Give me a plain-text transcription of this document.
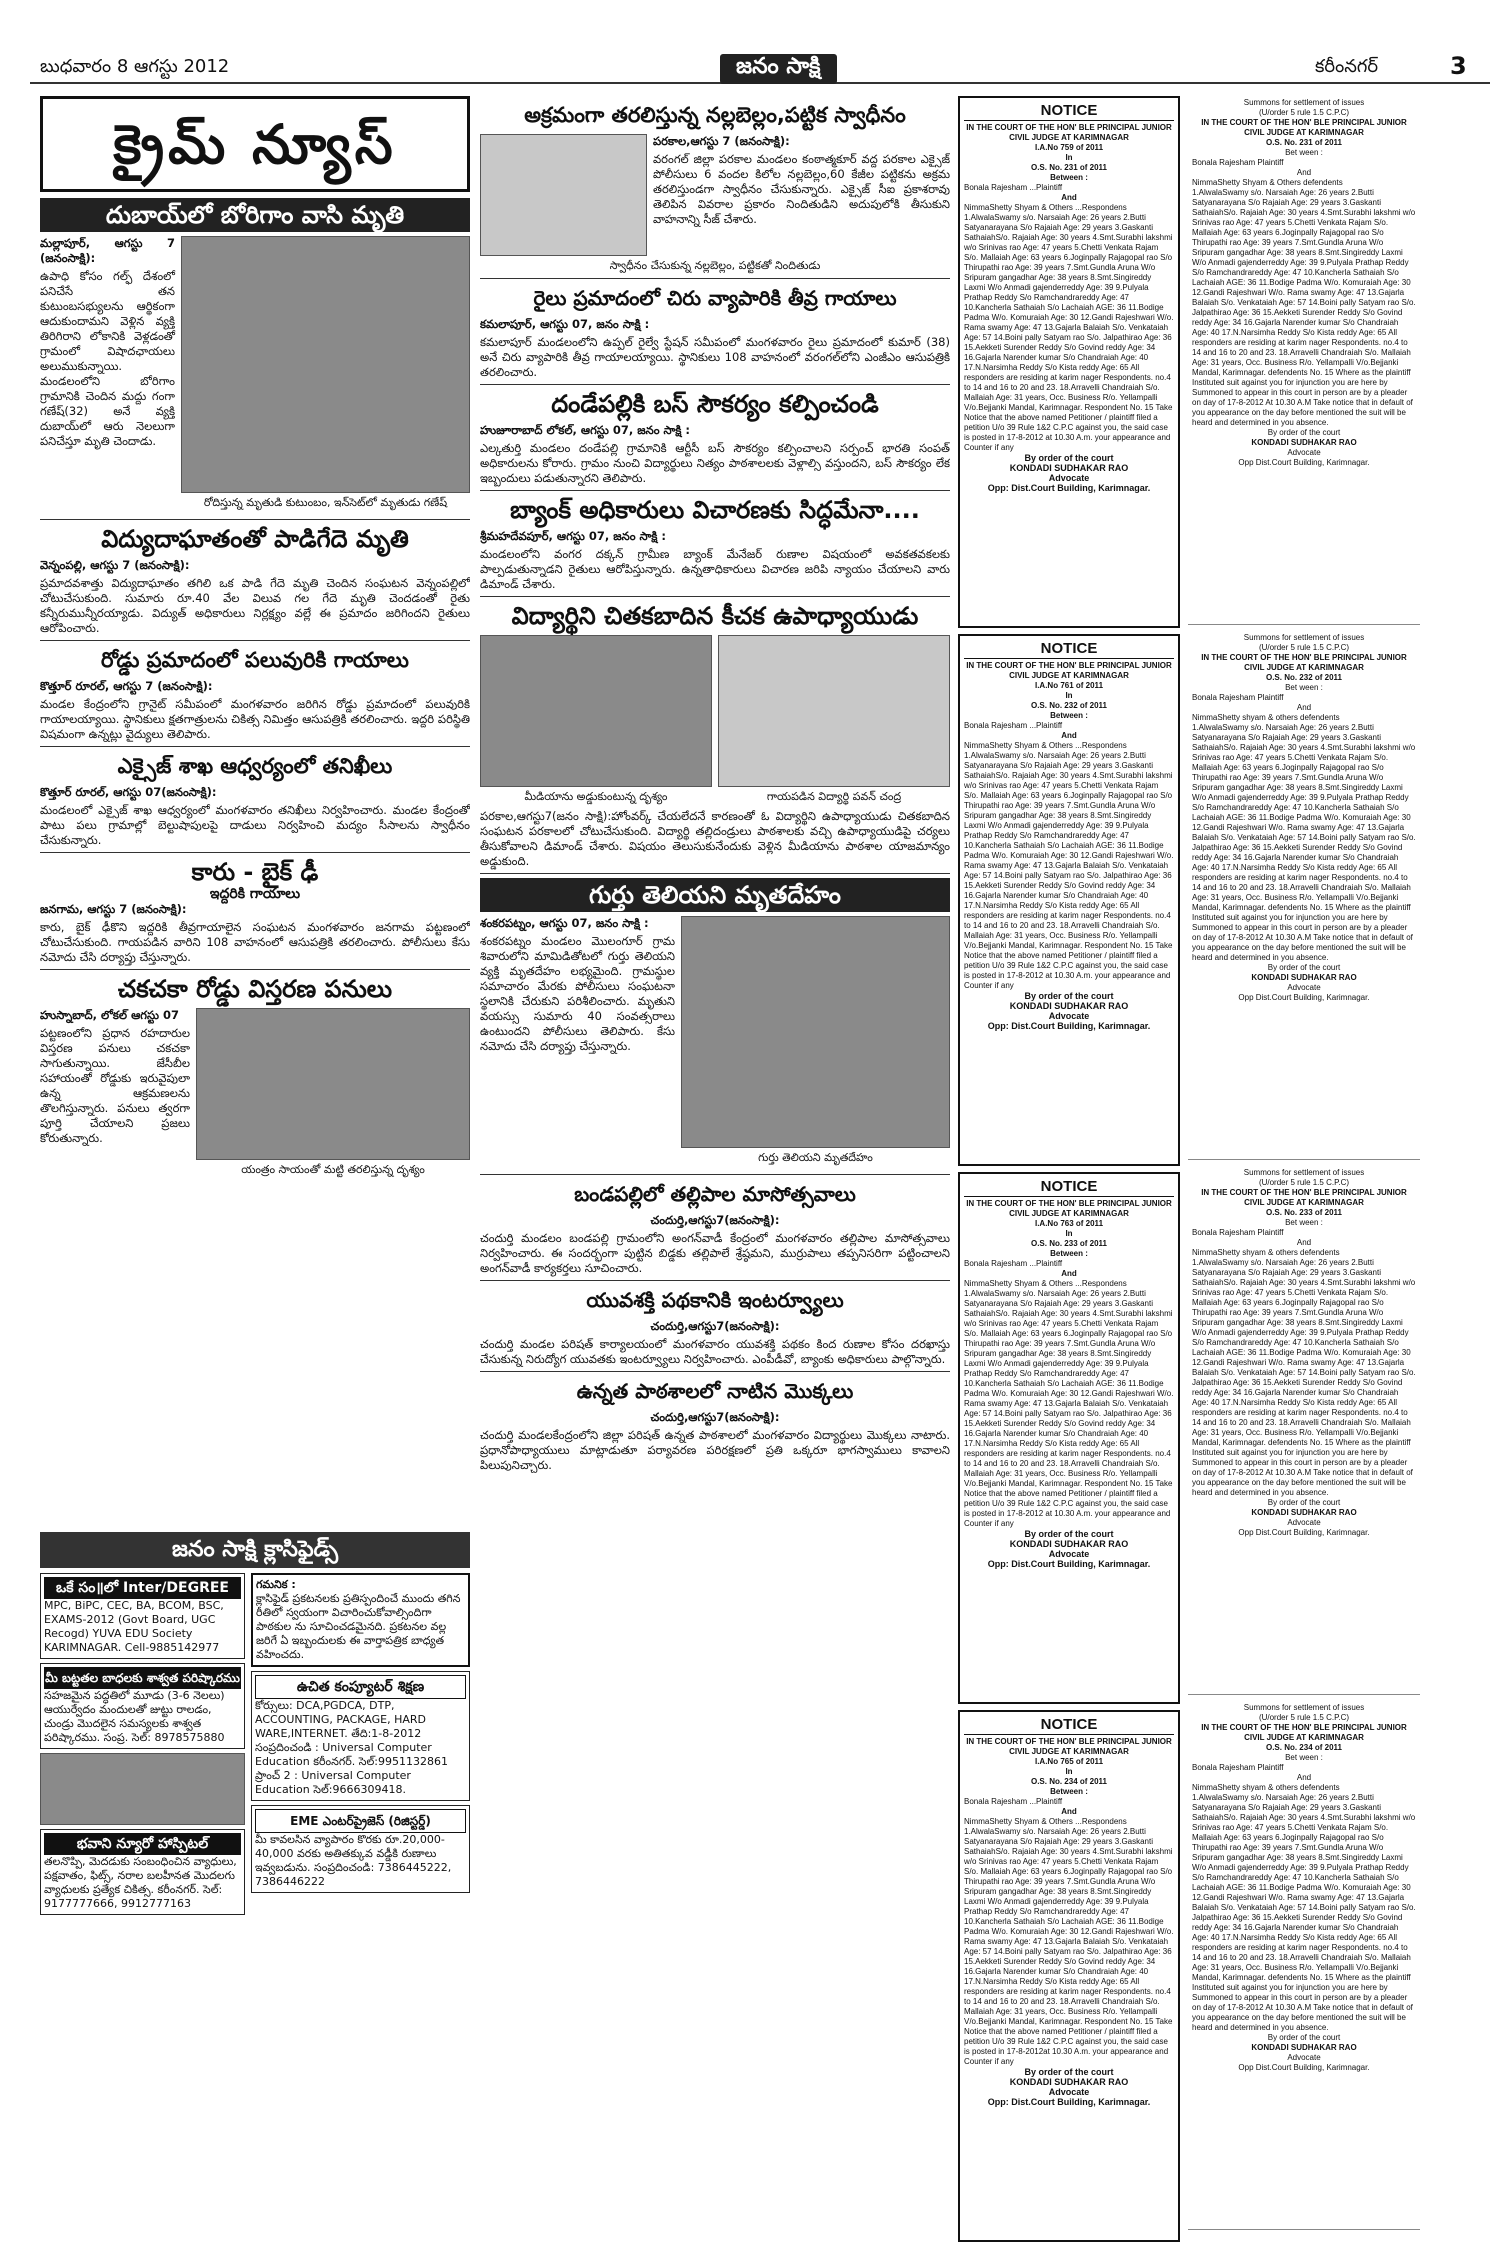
బుధవారం 8 ఆగస్టు 2012	జనం సాక్షి	కరీంనగర్	3
క్రైమ్ న్యూస్
దుబాయ్‌లో బోరిగాం వాసి మృతి

మల్లాపూర్, ఆగస్టు 7 (జనంసాక్షి):

ఉపాధి కోసం గల్ఫ్ దేశంలో పనిచేసే తన కుటుంబసభ్యులను ఆర్థికంగా ఆదుకుందామని వెళ్లిన వ్యక్తి తిరిగిరాని లోకానికి వెళ్లడంతో గ్రామంలో విషాదఛాయలు అలుముకున్నాయి. మండలంలోని బోరిగాం గ్రామానికి చెందిన మద్దు గంగా గణేష్(32) అనే వ్యక్తి దుబాయ్‌లో ఆరు నెలలుగా పనిచేస్తూ మృతి చెందాడు.

రోదిస్తున్న మృతుడి కుటుంబం, ఇన్‌సెట్‌లో మృతుడు గణేష్
విద్యుదాఘాతంతో పాడిగేదె మృతి

వెన్నంపల్లి, ఆగస్టు 7 (జనంసాక్షి):

ప్రమాదవశాత్తు విద్యుదాఘాతం తగిలి ఒక పాడి గేదె మృతి చెందిన సంఘటన వెన్నంపల్లిలో చోటుచేసుకుంది. సుమారు రూ.40 వేల విలువ గల గేదె మృతి చెందడంతో రైతు కన్నీరుమున్నీరయ్యాడు. విద్యుత్ అధికారులు నిర్లక్ష్యం వల్లే ఈ ప్రమాదం జరిగిందని రైతులు ఆరోపించారు.

రోడ్డు ప్రమాదంలో పలువురికి గాయాలు

కొత్తూర్ రూరల్, ఆగస్టు 7 (జనంసాక్షి):

మండల కేంద్రంలోని గ్రానైట్ సమీపంలో మంగళవారం జరిగిన రోడ్డు ప్రమాదంలో పలువురికి గాయాలయ్యాయి. స్థానికులు క్షతగాత్రులను చికిత్స నిమిత్తం ఆసుపత్రికి తరలించారు. ఇద్దరి పరిస్థితి విషమంగా ఉన్నట్లు వైద్యులు తెలిపారు.

ఎక్సైజ్ శాఖ ఆధ్వర్యంలో తనిఖీలు

కొత్తూర్ రూరల్, ఆగస్టు 07(జనంసాక్షి):

మండలంలో ఎక్సైజ్ శాఖ ఆధ్వర్యంలో మంగళవారం తనిఖీలు నిర్వహించారు. మండల కేంద్రంతో పాటు పలు గ్రామాల్లో బెల్టుషాపులపై దాడులు నిర్వహించి మద్యం సీసాలను స్వాధీనం చేసుకున్నారు.

కారు - బైక్ ఢీ
ఇద్దరికి గాయాలు

జనగామ, ఆగస్టు 7 (జనంసాక్షి):

కారు, బైక్ ఢీకొని ఇద్దరికి తీవ్రగాయాలైన సంఘటన మంగళవారం జనగామ పట్టణంలో చోటుచేసుకుంది. గాయపడిన వారిని 108 వాహనంలో ఆసుపత్రికి తరలించారు. పోలీసులు కేసు నమోదు చేసి దర్యాప్తు చేస్తున్నారు.

చకచకా రోడ్డు విస్తరణ పనులు

హుస్నాబాద్, లోకల్ ఆగస్టు 07

పట్టణంలోని ప్రధాన రహదారుల విస్తరణ పనులు చకచకా సాగుతున్నాయి. జేసీబీల సహాయంతో రోడ్డుకు ఇరువైపులా ఉన్న ఆక్రమణలను తొలగిస్తున్నారు. పనులు త్వరగా పూర్తి చేయాలని ప్రజలు కోరుతున్నారు.

యంత్రం సాయంతో మట్టి తరలిస్తున్న దృశ్యం
జనం సాక్షి క్లాసిఫైడ్స్
ఒకే సం॥లో Inter/DEGREE
MPC, BiPC, CEC, BA, BCOM, BSC, EXAMS-2012 (Govt Board, UGC Recogd) YUVA EDU Society KARIMNAGAR. Cell-9885142977
మీ బట్టతల బాధలకు శాశ్వత పరిష్కారము
సహజమైన పద్ధతిలో మూడు (3-6 నెలలు) ఆయుర్వేదం మందులతో జుట్టు రాలడం, చుండ్రు మొదలైన సమస్యలకు శాశ్వత పరిష్కారము. సంప్ర. సెల్: 8978575880
భవాని న్యూరో హాస్పిటల్
తలనొప్పి, మెదడుకు సంబంధించిన వ్యాధులు, పక్షవాతం, ఫిట్స్, నరాల బలహీనత మొదలగు వ్యాధులకు ప్రత్యేక చికిత్స. కరీంనగర్. సెల్: 9177777666, 9912777163
గమనిక :
క్లాసిఫైడ్ ప్రకటనలకు ప్రతిస్పందించే ముందు తగిన రీతిలో స్వయంగా విచారించుకోవాల్సిందిగా పాఠకుల ను సూచించడమైనది. ప్రకటనల వల్ల జరిగే ఏ ఇబ్బందులకు ఈ వార్తాపత్రిక బాధ్యత వహించదు.
ఉచిత కంప్యూటర్ శిక్షణ
కోర్సులు: DCA,PGDCA, DTP, ACCOUNTING, PACKAGE, HARD WARE,INTERNET. తేది:1-8-2012 సంప్రదించండి : Universal Computer Education కరీంనగర్. సెల్:9951132861 ప్రాంచ్ 2 : Universal Computer Education సెల్:9666309418.
EME ఎంటర్‌ప్రైజెస్ (రిజిస్టర్డ్)
మీ కావలసిన వ్యాపారం కొరకు రూ.20,000-40,000 వరకు అతితక్కువ వడ్డీకి రుణాలు ఇవ్వబడును. సంప్రదించండి: 7386445222, 7386446222
అక్రమంగా తరలిస్తున్న నల్లబెల్లం,పట్టిక స్వాధీనం

పరకాల,ఆగస్టు 7 (జనంసాక్షి):

వరంగల్ జిల్లా పరకాల మండలం కంఠాత్మకూర్ వద్ద పరకాల ఎక్సైజ్ పోలీసులు 6 వందల కిలోల నల్లబెల్లం,60 కేజీల పట్టికను అక్రమ తరలిస్తుండగా స్వాధీనం చేసుకున్నారు. ఎక్సైజ్ సీఐ ప్రకాశరావు తెలిపిన వివరాల ప్రకారం నిందితుడిని అదుపులోకి తీసుకుని వాహనాన్ని సీజ్ చేశారు.

స్వాధీనం చేసుకున్న నల్లబెల్లం, పట్టికతో నిందితుడు
రైలు ప్రమాదంలో చిరు వ్యాపారికి తీవ్ర గాయాలు

కమలాపూర్, ఆగస్టు 07, జనం సాక్షి :

కమలాపూర్ మండలంలోని ఉప్పల్ రైల్వే స్టేషన్ సమీపంలో మంగళవారం రైలు ప్రమాదంలో కుమార్ (38) అనే చిరు వ్యాపారికి తీవ్ర గాయాలయ్యాయి. స్థానికులు 108 వాహనంలో వరంగల్‌లోని ఎంజీఎం ఆసుపత్రికి తరలించారు.

దండేపల్లికి బస్ సౌకర్యం కల్పించండి

హుజూరాబాద్ లోకల్, ఆగస్టు 07, జనం సాక్షి :

ఎల్కతుర్తి మండలం దండేపల్లి గ్రామానికి ఆర్టీసీ బస్ సౌకర్యం కల్పించాలని సర్పంచ్ భారతి సంపత్ అధికారులను కోరారు. గ్రామం నుంచి విద్యార్థులు నిత్యం పాఠశాలలకు వెళ్లాల్సి వస్తుందని, బస్ సౌకర్యం లేక ఇబ్బందులు పడుతున్నారని తెలిపారు.

బ్యాంక్ అధికారులు విచారణకు సిద్ధమేనా....

శ్రీమహదేవపూర్, ఆగస్టు 07, జనం సాక్షి :

మండలంలోని వంగర దక్కన్ గ్రామీణ బ్యాంక్ మేనేజర్ రుణాల విషయంలో అవకతవకలకు పాల్పడుతున్నాడని రైతులు ఆరోపిస్తున్నారు. ఉన్నతాధికారులు విచారణ జరిపి న్యాయం చేయాలని వారు డిమాండ్ చేశారు.

విద్యార్థిని చితకబాదిన కీచక ఉపాధ్యాయుడు
మీడియాను అడ్డుకుంటున్న దృశ్యం	గాయపడిన విద్యార్థి పవన్ చంద్ర

పరకాల,ఆగస్టు7(జనం సాక్షి):హోంవర్క్ చేయలేదనే కారణంతో ఓ విద్యార్థిని ఉపాధ్యాయుడు చితకబాదిన సంఘటన పరకాలలో చోటుచేసుకుంది. విద్యార్థి తల్లిదండ్రులు పాఠశాలకు వచ్చి ఉపాధ్యాయుడిపై చర్యలు తీసుకోవాలని డిమాండ్ చేశారు. విషయం తెలుసుకునేందుకు వెళ్లిన మీడియాను పాఠశాల యాజమాన్యం అడ్డుకుంది.

గుర్తు తెలియని మృతదేహం

శంకరపట్నం, ఆగస్టు 07, జనం సాక్షి :

శంకరపట్నం మండలం మొలంగూర్ గ్రామ శివారులోని మామిడితోటలో గుర్తు తెలియని వ్యక్తి మృతదేహం లభ్యమైంది. గ్రామస్థుల సమాచారం మేరకు పోలీసులు సంఘటనా స్థలానికి చేరుకుని పరిశీలించారు. మృతుని వయస్సు సుమారు 40 సంవత్సరాలు ఉంటుందని పోలీసులు తెలిపారు. కేసు నమోదు చేసి దర్యాప్తు చేస్తున్నారు.

గుర్తు తెలియని మృతదేహం
బండపల్లిలో తల్లిపాల మాసోత్సవాలు

చందుర్తి,ఆగస్టు7(జనంసాక్షి):

చందుర్తి మండలం బండపల్లి గ్రామంలోని అంగన్‌వాడీ కేంద్రంలో మంగళవారం తల్లిపాల మాసోత్సవాలు నిర్వహించారు. ఈ సందర్భంగా పుట్టిన బిడ్డకు తల్లిపాలే శ్రేష్ఠమని, ముర్రుపాలు తప్పనిసరిగా పట్టించాలని అంగన్‌వాడీ కార్యకర్తలు సూచించారు.

యువశక్తి పథకానికి ఇంటర్వ్యూలు

చందుర్తి,ఆగస్టు7(జనంసాక్షి):

చందుర్తి మండల పరిషత్ కార్యాలయంలో మంగళవారం యువశక్తి పథకం కింద రుణాల కోసం దరఖాస్తు చేసుకున్న నిరుద్యోగ యువతకు ఇంటర్వ్యూలు నిర్వహించారు. ఎంపీడీవో, బ్యాంకు అధికారులు పాల్గొన్నారు.

ఉన్నత పాఠశాలలో నాటిన మొక్కలు

చందుర్తి,ఆగస్టు7(జనంసాక్షి):

చందుర్తి మండలకేంద్రంలోని జిల్లా పరిషత్ ఉన్నత పాఠశాలలో మంగళవారం విద్యార్థులు మొక్కలు నాటారు. ప్రధానోపాధ్యాయులు మాట్లాడుతూ పర్యావరణ పరిరక్షణలో ప్రతి ఒక్కరూ భాగస్వాములు కావాలని పిలుపునిచ్చారు.

NOTICE
IN THE COURT OF THE HON' BLE PRINCIPAL JUNIOR CIVIL JUDGE AT KARIMNAGAR
I.A.No 759 of 2011
In
O.S. No. 231 of 2011
Between :
Bonala Rajesham ...Plaintiff
And
NimmaShetty Shyam & Others ...Respondens
1.AlwalaSwamy s/o. Narsaiah Age: 26 years 2.Butti Satyanarayana S/o Rajaiah Age: 29 years 3.Gaskanti SathaiahS/o. Rajaiah Age: 30 years 4.Smt.Surabhi lakshmi w/o Srinivas rao Age: 47 years 5.Chetti Venkata Rajam S/o. Mallaiah Age: 63 years 6.Joginpally Rajagopal rao S/o Thirupathi rao Age: 39 years 7.Smt.Gundla Aruna W/o Sripuram gangadhar Age: 38 years 8.Smt.Singireddy Laxmi W/o Anmadi gajenderreddy Age: 39 9.Pulyala Prathap Reddy S/o Ramchandrareddy Age: 47 10.Kancherla Sathaiah S/o Lachaiah AGE: 36 11.Bodige Padma W/o. Komuraiah Age: 30 12.Gandi Rajeshwari W/o. Rama swamy Age: 47 13.Gajarla Balaiah S/o. Venkataiah Age: 57 14.Boini pally Satyam rao S/o. Jalpathirao Age: 36 15.Aekketi Surender Reddy S/o Govind reddy Age: 34 16.Gajarla Narender kumar S/o Chandraiah Age: 40 17.N.Narsimha Reddy S/o Kista reddy Age: 65 All responders are residing at karim nager Respondents. no.4 to 14 and 16 to 20 and 23. 18.Arravelli Chandraiah S/o. Mallaiah Age: 31 years, Occ. Business R/o. Yellampalli V/o.Bejjanki Mandal, Karimnagar. Respondent No. 15 Take Notice that the above named Petitioner / plaintiff filed a petition U/o 39 Rule 1&2 C.P.C against you, the said case is posted in 17-8-2012 at 10.30 A.m. your appearance and Counter if any
By order of the court
KONDADI SUDHAKAR RAO
Advocate
Opp: Dist.Court Building, Karimnagar.
NOTICE
IN THE COURT OF THE HON' BLE PRINCIPAL JUNIOR CIVIL JUDGE AT KARIMNAGAR
I.A.No 761 of 2011
In
O.S. No. 232 of 2011
Between :
Bonala Rajesham ...Plaintiff
And
NimmaShetty Shyam & Others ...Respondens
1.AlwalaSwamy s/o. Narsaiah Age: 26 years 2.Butti Satyanarayana S/o Rajaiah Age: 29 years 3.Gaskanti SathaiahS/o. Rajaiah Age: 30 years 4.Smt.Surabhi lakshmi w/o Srinivas rao Age: 47 years 5.Chetti Venkata Rajam S/o. Mallaiah Age: 63 years 6.Joginpally Rajagopal rao S/o Thirupathi rao Age: 39 years 7.Smt.Gundla Aruna W/o Sripuram gangadhar Age: 38 years 8.Smt.Singireddy Laxmi W/o Anmadi gajenderreddy Age: 39 9.Pulyala Prathap Reddy S/o Ramchandrareddy Age: 47 10.Kancherla Sathaiah S/o Lachaiah AGE: 36 11.Bodige Padma W/o. Komuraiah Age: 30 12.Gandi Rajeshwari W/o. Rama swamy Age: 47 13.Gajarla Balaiah S/o. Venkataiah Age: 57 14.Boini pally Satyam rao S/o. Jalpathirao Age: 36 15.Aekketi Surender Reddy S/o Govind reddy Age: 34 16.Gajarla Narender kumar S/o Chandraiah Age: 40 17.N.Narsimha Reddy S/o Kista reddy Age: 65 All responders are residing at karim nager Respondents. no.4 to 14 and 16 to 20 and 23. 18.Arravelli Chandraiah S/o. Mallaiah Age: 31 years, Occ. Business R/o. Yellampalli V/o.Bejjanki Mandal, Karimnagar. Respondent No. 15 Take Notice that the above named Petitioner / plaintiff filed a petition U/o 39 Rule 1&2 C.P.C against you, the said case is posted in 17-8-2012 at 10.30 A.m. your appearance and Counter if any
By order of the court
KONDADI SUDHAKAR RAO
Advocate
Opp: Dist.Court Building, Karimnagar.
NOTICE
IN THE COURT OF THE HON' BLE PRINCIPAL JUNIOR CIVIL JUDGE AT KARIMNAGAR
I.A.No 763 of 2011
In
O.S. No. 233 of 2011
Between :
Bonala Rajesham ...Plaintiff
And
NimmaShetty Shyam & Others ...Respondens
1.AlwalaSwamy s/o. Narsaiah Age: 26 years 2.Butti Satyanarayana S/o Rajaiah Age: 29 years 3.Gaskanti SathaiahS/o. Rajaiah Age: 30 years 4.Smt.Surabhi lakshmi w/o Srinivas rao Age: 47 years 5.Chetti Venkata Rajam S/o. Mallaiah Age: 63 years 6.Joginpally Rajagopal rao S/o Thirupathi rao Age: 39 years 7.Smt.Gundla Aruna W/o Sripuram gangadhar Age: 38 years 8.Smt.Singireddy Laxmi W/o Anmadi gajenderreddy Age: 39 9.Pulyala Prathap Reddy S/o Ramchandrareddy Age: 47 10.Kancherla Sathaiah S/o Lachaiah AGE: 36 11.Bodige Padma W/o. Komuraiah Age: 30 12.Gandi Rajeshwari W/o. Rama swamy Age: 47 13.Gajarla Balaiah S/o. Venkataiah Age: 57 14.Boini pally Satyam rao S/o. Jalpathirao Age: 36 15.Aekketi Surender Reddy S/o Govind reddy Age: 34 16.Gajarla Narender kumar S/o Chandraiah Age: 40 17.N.Narsimha Reddy S/o Kista reddy Age: 65 All responders are residing at karim nager Respondents. no.4 to 14 and 16 to 20 and 23. 18.Arravelli Chandraiah S/o. Mallaiah Age: 31 years, Occ. Business R/o. Yellampalli V/o.Bejjanki Mandal, Karimnagar. Respondent No. 15 Take Notice that the above named Petitioner / plaintiff filed a petition U/o 39 Rule 1&2 C.P.C against you, the said case is posted in 17-8-2012 at 10.30 A.m. your appearance and Counter if any
By order of the court
KONDADI SUDHAKAR RAO
Advocate
Opp: Dist.Court Building, Karimnagar.
NOTICE
IN THE COURT OF THE HON' BLE PRINCIPAL JUNIOR CIVIL JUDGE AT KARIMNAGAR
I.A.No 765 of 2011
In
O.S. No. 234 of 2011
Between :
Bonala Rajesham ...Plaintiff
And
NimmaShetty Shyam & Others ...Respondens
1.AlwalaSwamy s/o. Narsaiah Age: 26 years 2.Butti Satyanarayana S/o Rajaiah Age: 29 years 3.Gaskanti SathaiahS/o. Rajaiah Age: 30 years 4.Smt.Surabhi lakshmi w/o Srinivas rao Age: 47 years 5.Chetti Venkata Rajam S/o. Mallaiah Age: 63 years 6.Joginpally Rajagopal rao S/o Thirupathi rao Age: 39 years 7.Smt.Gundla Aruna W/o Sripuram gangadhar Age: 38 years 8.Smt.Singireddy Laxmi W/o Anmadi gajenderreddy Age: 39 9.Pulyala Prathap Reddy S/o Ramchandrareddy Age: 47 10.Kancherla Sathaiah S/o Lachaiah AGE: 36 11.Bodige Padma W/o. Komuraiah Age: 30 12.Gandi Rajeshwari W/o. Rama swamy Age: 47 13.Gajarla Balaiah S/o. Venkataiah Age: 57 14.Boini pally Satyam rao S/o. Jalpathirao Age: 36 15.Aekketi Surender Reddy S/o Govind reddy Age: 34 16.Gajarla Narender kumar S/o Chandraiah Age: 40 17.N.Narsimha Reddy S/o Kista reddy Age: 65 All responders are residing at karim nager Respondents. no.4 to 14 and 16 to 20 and 23. 18.Arravelli Chandraiah S/o. Mallaiah Age: 31 years, Occ. Business R/o. Yellampalli V/o.Bejjanki Mandal, Karimnagar. Respondent No. 15 Take Notice that the above named Petitioner / plaintiff filed a petition U/o 39 Rule 1&2 C.P.C against you, the said case is posted in 17-8-2012at 10.30 A.m. your appearance and Counter if any
By order of the court
KONDADI SUDHAKAR RAO
Advocate
Opp: Dist.Court Building, Karimnagar.
Summons for settlement of issues
(U/order 5 rule 1.5 C.P.C)
IN THE COURT OF THE HON' BLE PRINCIPAL JUNIOR CIVIL JUDGE AT KARIMNAGAR
O.S. No. 231 of 2011
Bet ween :
Bonala Rajesham Plaintiff
And
NimmaShetty Shyam & Others defendents
1.AlwalaSwamy s/o. Narsaiah Age: 26 years 2.Butti Satyanarayana S/o Rajaiah Age: 29 years 3.Gaskanti SathaiahS/o. Rajaiah Age: 30 years 4.Smt.Surabhi lakshmi w/o Srinivas rao Age: 47 years 5.Chetti Venkata Rajam S/o. Mallaiah Age: 63 years 6.Joginpally Rajagopal rao S/o Thirupathi rao Age: 39 years 7.Smt.Gundla Aruna W/o Sripuram gangadhar Age: 38 years 8.Smt.Singireddy Laxmi W/o Anmadi gajenderreddy Age: 39 9.Pulyala Prathap Reddy S/o Ramchandrareddy Age: 47 10.Kancherla Sathaiah S/o Lachaiah AGE: 36 11.Bodige Padma W/o. Komuraiah Age: 30 12.Gandi Rajeshwari W/o. Rama swamy Age: 47 13.Gajarla Balaiah S/o. Venkataiah Age: 57 14.Boini pally Satyam rao S/o. Jalpathirao Age: 36 15.Aekketi Surender Reddy S/o Govind reddy Age: 34 16.Gajarla Narender kumar S/o Chandraiah Age: 40 17.N.Narsimha Reddy S/o Kista reddy Age: 65 All responders are residing at karim nager Respondents. no.4 to 14 and 16 to 20 and 23. 18.Arravelli Chandraiah S/o. Mallaiah Age: 31 years, Occ. Business R/o. Yellampalli V/o.Bejjanki Mandal, Karimnagar. defendents No. 15 Where as the plaintiff Instituted suit against you for injunction you are here by Summoned to appear in this court in person are by a pleader on day of 17-8-2012 At 10.30 A.M Take notice that in default of you appearance on the day before mentioned the suit will be heard and determined in you absence.
By order of the court
KONDADI SUDHAKAR RAO
Advocate
Opp Dist.Court Building, Karimnagar.
Summons for settlement of issues
(U/order 5 rule 1.5 C.P.C)
IN THE COURT OF THE HON' BLE PRINCIPAL JUNIOR CIVIL JUDGE AT KARIMNAGAR
O.S. No. 232 of 2011
Bet ween :
Bonala Rajesham Plaintiff
And
NimmaShetty shyam & others defendents
1.AlwalaSwamy s/o. Narsaiah Age: 26 years 2.Butti Satyanarayana S/o Rajaiah Age: 29 years 3.Gaskanti SathaiahS/o. Rajaiah Age: 30 years 4.Smt.Surabhi lakshmi w/o Srinivas rao Age: 47 years 5.Chetti Venkata Rajam S/o. Mallaiah Age: 63 years 6.Joginpally Rajagopal rao S/o Thirupathi rao Age: 39 years 7.Smt.Gundla Aruna W/o Sripuram gangadhar Age: 38 years 8.Smt.Singireddy Laxmi W/o Anmadi gajenderreddy Age: 39 9.Pulyala Prathap Reddy S/o Ramchandrareddy Age: 47 10.Kancherla Sathaiah S/o Lachaiah AGE: 36 11.Bodige Padma W/o. Komuraiah Age: 30 12.Gandi Rajeshwari W/o. Rama swamy Age: 47 13.Gajarla Balaiah S/o. Venkataiah Age: 57 14.Boini pally Satyam rao S/o. Jalpathirao Age: 36 15.Aekketi Surender Reddy S/o Govind reddy Age: 34 16.Gajarla Narender kumar S/o Chandraiah Age: 40 17.N.Narsimha Reddy S/o Kista reddy Age: 65 All responders are residing at karim nager Respondents. no.4 to 14 and 16 to 20 and 23. 18.Arravelli Chandraiah S/o. Mallaiah Age: 31 years, Occ. Business R/o. Yellampalli V/o.Bejjanki Mandal, Karimnagar. defendents No. 15 Where as the plaintiff Instituted suit against you for injunction you are here by Summoned to appear in this court in person are by a pleader on day of 17-8-2012 At 10.30 A.M Take notice that in default of you appearance on the day before mentioned the suit will be heard and determined in you absence.
By order of the court
KONDADI SUDHAKAR RAO
Advocate
Opp Dist.Court Building, Karimnagar.
Summons for settlement of issues
(U/order 5 rule 1.5 C.P.C)
IN THE COURT OF THE HON' BLE PRINCIPAL JUNIOR CIVIL JUDGE AT KARIMNAGAR
O.S. No. 233 of 2011
Bet ween :
Bonala Rajesham Plaintiff
And
NimmaShetty shyam & others defendents
1.AlwalaSwamy s/o. Narsaiah Age: 26 years 2.Butti Satyanarayana S/o Rajaiah Age: 29 years 3.Gaskanti SathaiahS/o. Rajaiah Age: 30 years 4.Smt.Surabhi lakshmi w/o Srinivas rao Age: 47 years 5.Chetti Venkata Rajam S/o. Mallaiah Age: 63 years 6.Joginpally Rajagopal rao S/o Thirupathi rao Age: 39 years 7.Smt.Gundla Aruna W/o Sripuram gangadhar Age: 38 years 8.Smt.Singireddy Laxmi W/o Anmadi gajenderreddy Age: 39 9.Pulyala Prathap Reddy S/o Ramchandrareddy Age: 47 10.Kancherla Sathaiah S/o Lachaiah AGE: 36 11.Bodige Padma W/o. Komuraiah Age: 30 12.Gandi Rajeshwari W/o. Rama swamy Age: 47 13.Gajarla Balaiah S/o. Venkataiah Age: 57 14.Boini pally Satyam rao S/o. Jalpathirao Age: 36 15.Aekketi Surender Reddy S/o Govind reddy Age: 34 16.Gajarla Narender kumar S/o Chandraiah Age: 40 17.N.Narsimha Reddy S/o Kista reddy Age: 65 All responders are residing at karim nager Respondents. no.4 to 14 and 16 to 20 and 23. 18.Arravelli Chandraiah S/o. Mallaiah Age: 31 years, Occ. Business R/o. Yellampalli V/o.Bejjanki Mandal, Karimnagar. defendents No. 15 Where as the plaintiff Instituted suit against you for injunction you are here by Summoned to appear in this court in person are by a pleader on day of 17-8-2012 At 10.30 A.M Take notice that in default of you appearance on the day before mentioned the suit will be heard and determined in you absence.
By order of the court
KONDADI SUDHAKAR RAO
Advocate
Opp Dist.Court Building, Karimnagar.
Summons for settlement of issues
(U/order 5 rule 1.5 C.P.C)
IN THE COURT OF THE HON' BLE PRINCIPAL JUNIOR CIVIL JUDGE AT KARIMNAGAR
O.S. No. 234 of 2011
Bet ween :
Bonala Rajesham Plaintiff
And
NimmaShetty shyam & others defendents
1.AlwalaSwamy s/o. Narsaiah Age: 26 years 2.Butti Satyanarayana S/o Rajaiah Age: 29 years 3.Gaskanti SathaiahS/o. Rajaiah Age: 30 years 4.Smt.Surabhi lakshmi w/o Srinivas rao Age: 47 years 5.Chetti Venkata Rajam S/o. Mallaiah Age: 63 years 6.Joginpally Rajagopal rao S/o Thirupathi rao Age: 39 years 7.Smt.Gundla Aruna W/o Sripuram gangadhar Age: 38 years 8.Smt.Singireddy Laxmi W/o Anmadi gajenderreddy Age: 39 9.Pulyala Prathap Reddy S/o Ramchandrareddy Age: 47 10.Kancherla Sathaiah S/o Lachaiah AGE: 36 11.Bodige Padma W/o. Komuraiah Age: 30 12.Gandi Rajeshwari W/o. Rama swamy Age: 47 13.Gajarla Balaiah S/o. Venkataiah Age: 57 14.Boini pally Satyam rao S/o. Jalpathirao Age: 36 15.Aekketi Surender Reddy S/o Govind reddy Age: 34 16.Gajarla Narender kumar S/o Chandraiah Age: 40 17.N.Narsimha Reddy S/o Kista reddy Age: 65 All responders are residing at karim nager Respondents. no.4 to 14 and 16 to 20 and 23. 18.Arravelli Chandraiah S/o. Mallaiah Age: 31 years, Occ. Business R/o. Yellampalli V/o.Bejjanki Mandal, Karimnagar. defendents No. 15 Where as the plaintiff Instituted suit against you for injunction you are here by Summoned to appear in this court in person are by a pleader on day of 17-8-2012 At 10.30 A.M Take notice that in default of you appearance on the day before mentioned the suit will be heard and determined in you absence.
By order of the court
KONDADI SUDHAKAR RAO
Advocate
Opp Dist.Court Building, Karimnagar.
